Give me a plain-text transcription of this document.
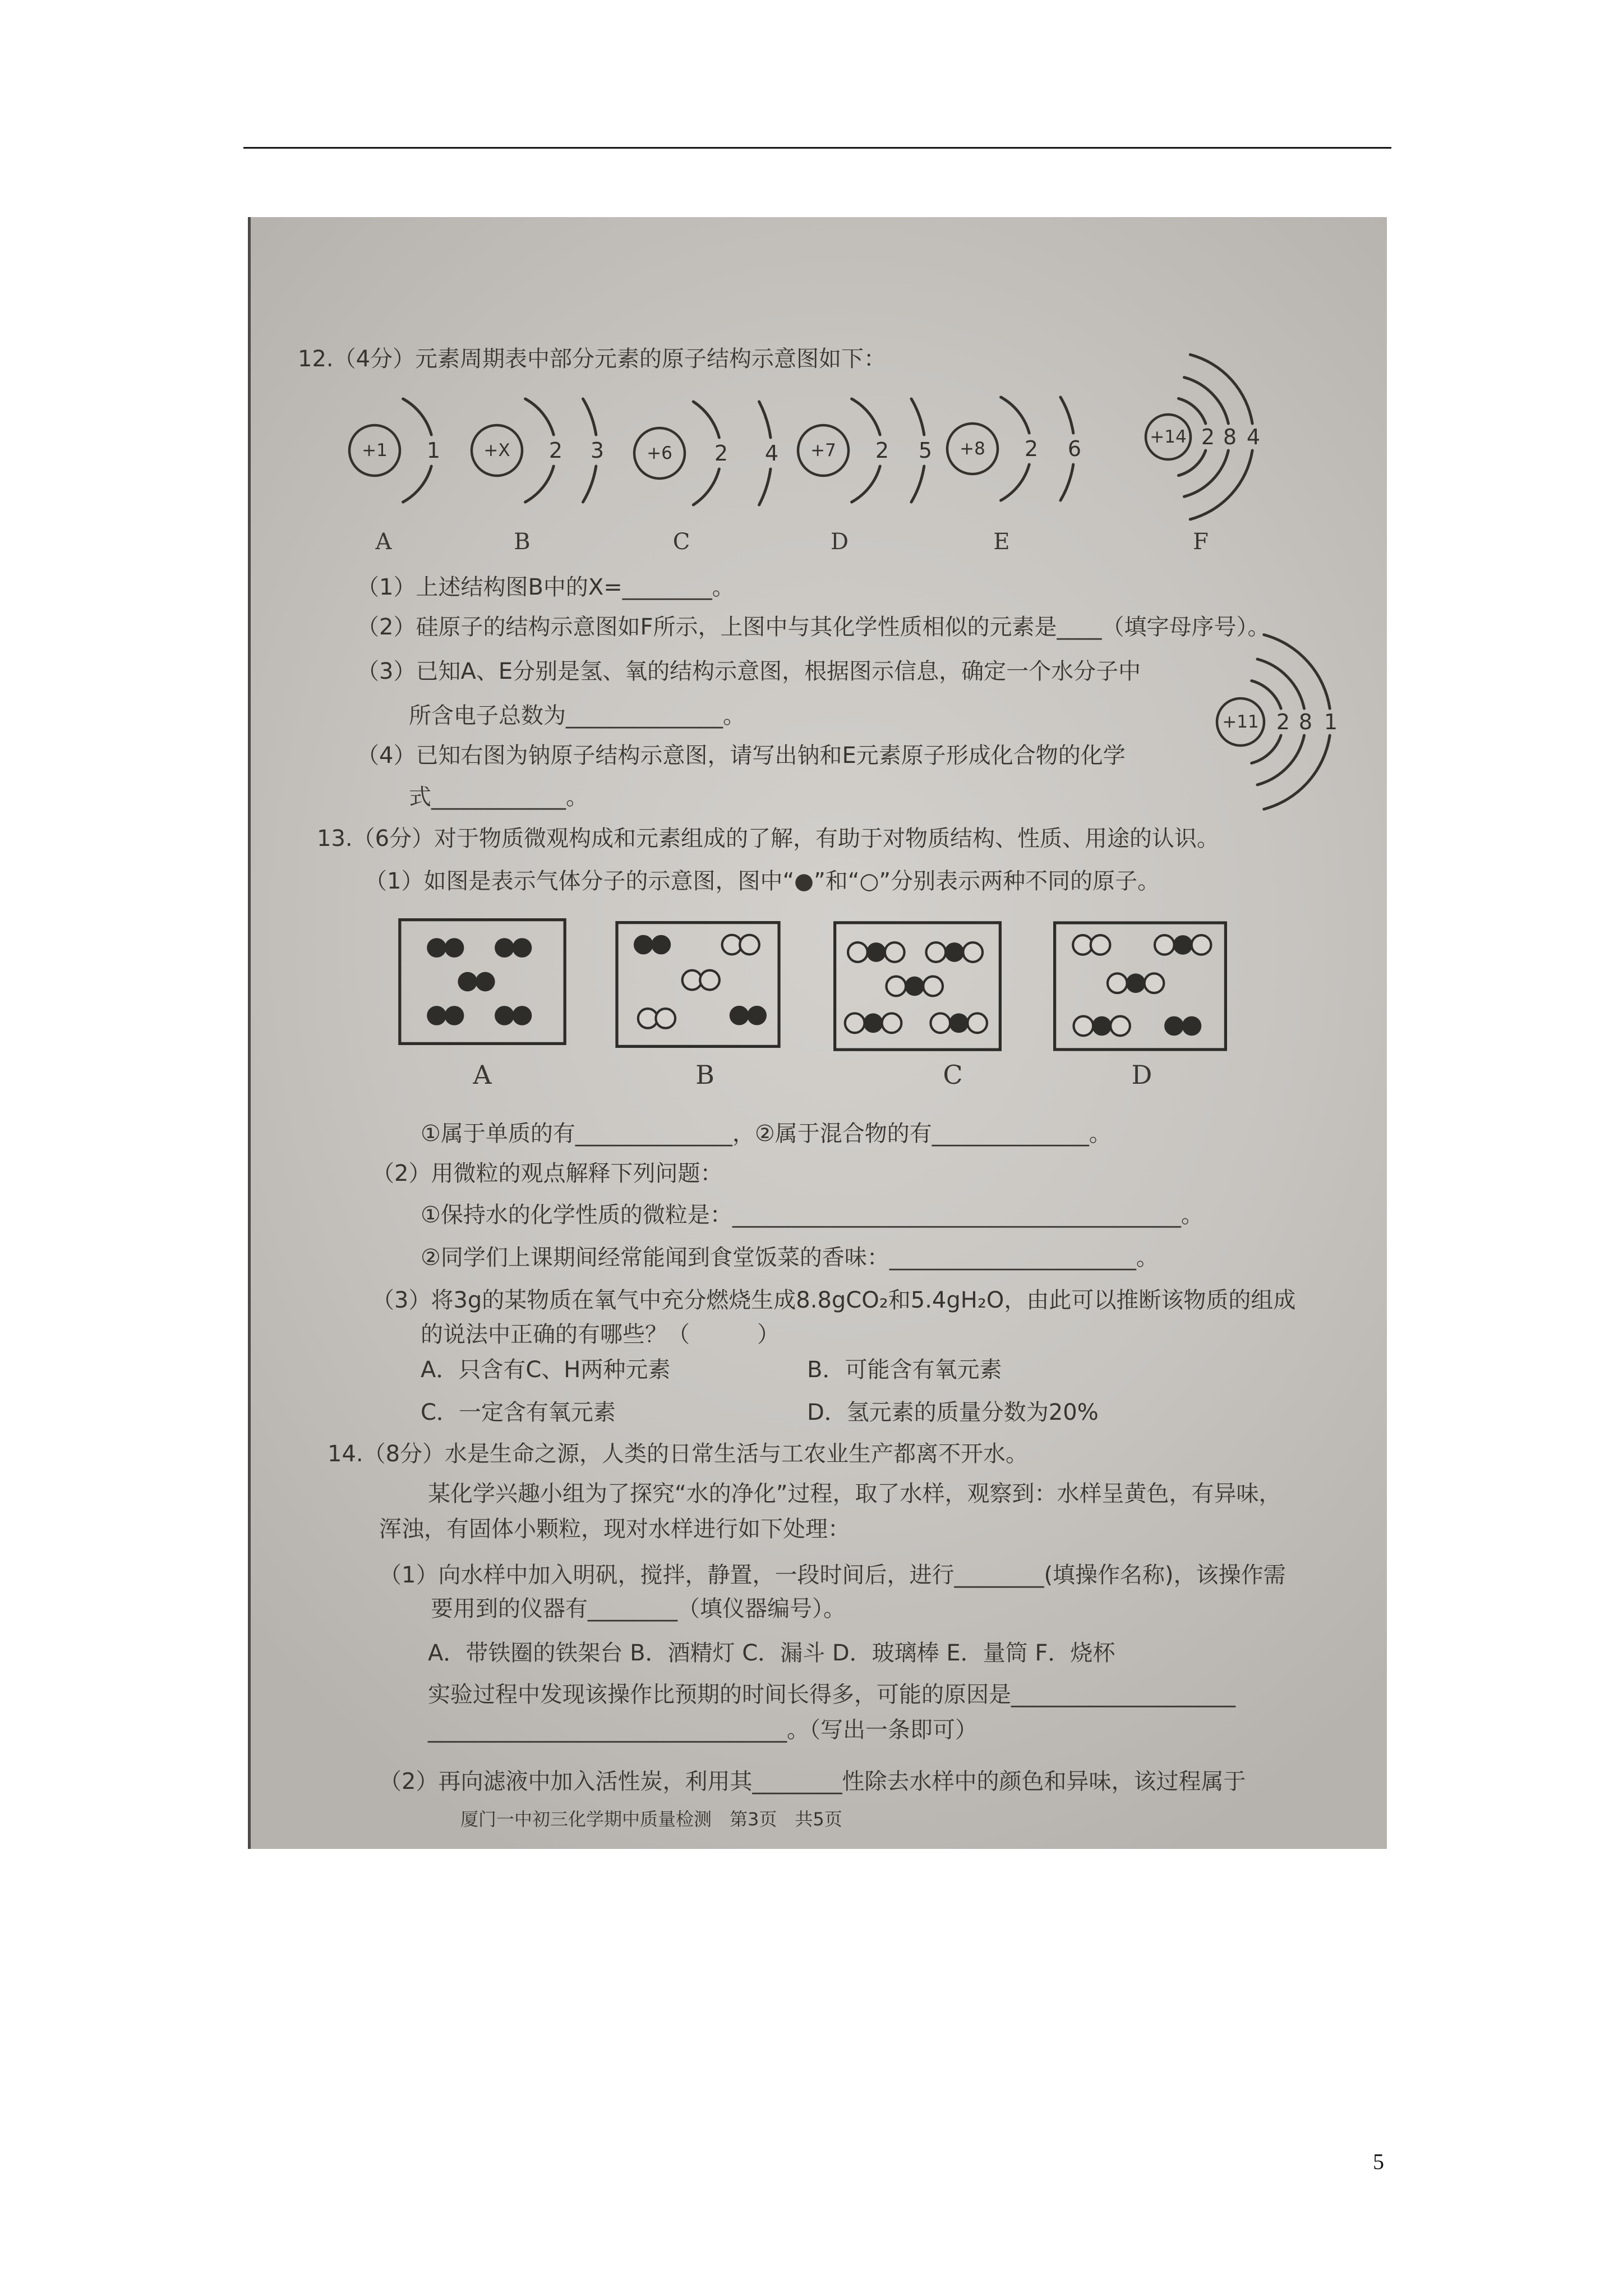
12.（4分）元素周期表中部分元素的原子结构示意图如下：
+1 1 +X 2 3 +6 2 4 +7 2 5 +8 2 6	+14 2 8 4
+11 2 8 1
A	B	C	D	E	F
（1）上述结构图B中的X=________。
（2）硅原子的结构示意图如F所示，上图中与其化学性质相似的元素是____（填字母序号）。
（3）已知A、E分别是氢、氧的结构示意图，根据图示信息，确定一个水分子中
所含电子总数为______________。
（4）已知右图为钠原子结构示意图，请写出钠和E元素原子形成化合物的化学
式____________。
13.（6分）对于物质微观构成和元素组成的了解，有助于对物质结构、性质、用途的认识。
（1）如图是表示气体分子的示意图，图中“●”和“○”分别表示两种不同的原子。
A	B	C	D
①属于单质的有______________，②属于混合物的有______________。
（2）用微粒的观点解释下列问题：
①保持水的化学性质的微粒是：________________________________________。
②同学们上课期间经常能闻到食堂饭菜的香味：______________________。
（3）将3g的某物质在氧气中充分燃烧生成8.8gCO₂和5.4gH₂O，由此可以推断该物质的组成
的说法中正确的有哪些？（　　　）
A．只含有C、H两种元素	B．可能含有氧元素
C．一定含有氧元素	D．氢元素的质量分数为20%
14.（8分）水是生命之源，人类的日常生活与工农业生产都离不开水。
某化学兴趣小组为了探究“水的净化”过程，取了水样，观察到：水样呈黄色，有异味，
浑浊，有固体小颗粒，现对水样进行如下处理：
（1）向水样中加入明矾，搅拌，静置，一段时间后，进行________(填操作名称)，该操作需
要用到的仪器有________（填仪器编号）。
A．带铁圈的铁架台 B．酒精灯 C．漏斗 D．玻璃棒 E．量筒 F．烧杯
实验过程中发现该操作比预期的时间长得多，可能的原因是____________________
________________________________。（写出一条即可）
（2）再向滤液中加入活性炭，利用其________性除去水样中的颜色和异味，该过程属于
厦门一中初三化学期中质量检测　第3页　共5页
5
